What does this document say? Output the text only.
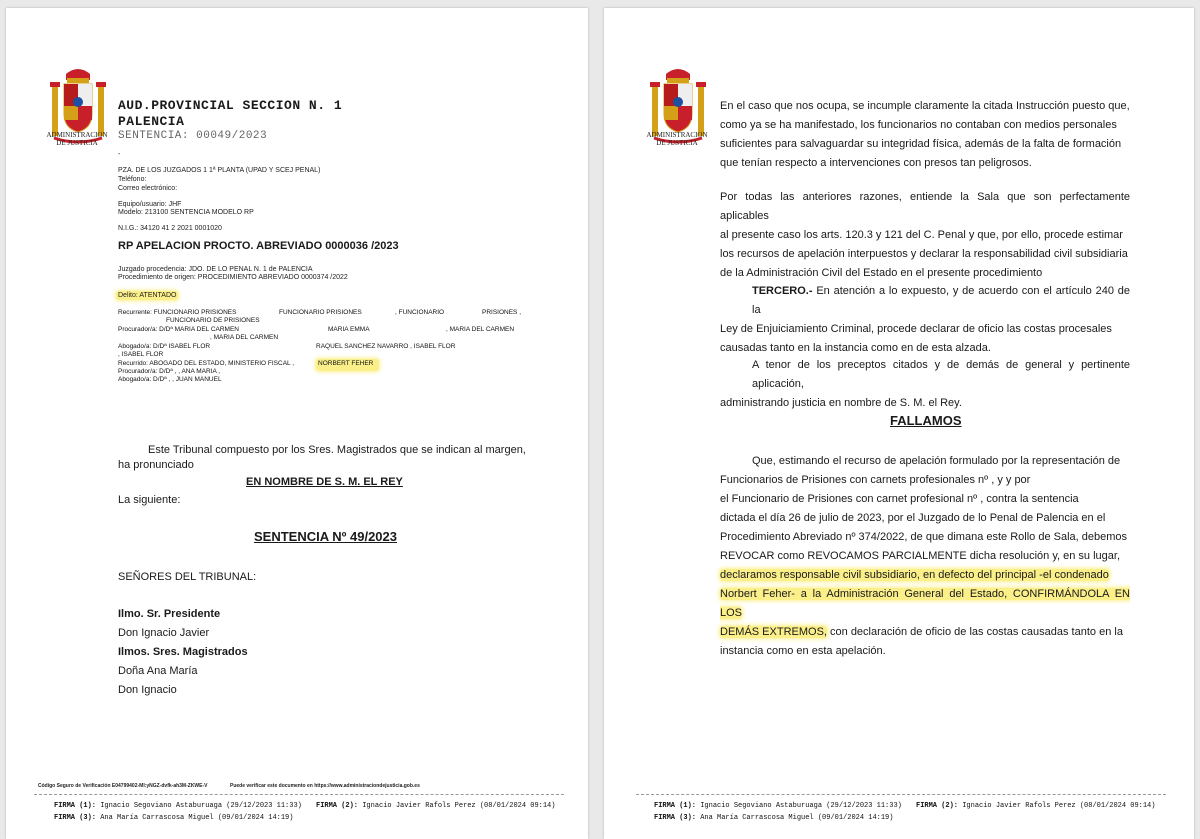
ADMINISTRACION
DE JUSTICIA
AUD.PROVINCIAL SECCION N. 1
PALENCIA
SENTENCIA: 00049/2023
-
PZA. DE LOS JUZGADOS 1 1ª PLANTA (UPAD Y SCEJ PENAL)
Teléfono:
Correo electrónico:
Equipo/usuario: JHF
Modelo: 213100 SENTENCIA MODELO RP
N.I.G.: 34120 41 2 2021 0001020
RP APELACION PROCTO. ABREVIADO 0000036 /2023
Juzgado procedencia: JDO. DE LO PENAL N. 1 de PALENCIA
Procedimiento de origen: PROCEDIMIENTO ABREVIADO 0000374 /2022
Delito: ATENTADO
Recurrente: FUNCIONARIO PRISIONES	FUNCIONARIO PRISIONES	, FUNCIONARIO	PRISIONES ,
FUNCIONARIO DE PRISIONES
Procurador/a: D/Dª MARIA DEL CARMEN	MARIA EMMA	, MARIA DEL CARMEN
, MARIA DEL CARMEN
Abogado/a: D/Dª ISABEL FLOR	RAQUEL SANCHEZ NAVARRO , ISABEL FLOR
, ISABEL FLOR
Recurrido: ABOGADO DEL ESTADO, MINISTERIO FISCAL ,	NORBERT FEHER
Procurador/a: D/Dª , , ANA MARIA ,
Abogado/a: D/Dª , , JUAN MANUEL
Este Tribunal compuesto por los Sres. Magistrados que se indican al margen,
ha pronunciado
EN NOMBRE DE S. M. EL REY
La siguiente:
SENTENCIA Nº 49/2023
SEÑORES DEL TRIBUNAL:
Ilmo. Sr. Presidente
Don Ignacio Javier
Ilmos. Sres. Magistrados
Doña Ana María
Don Ignacio
Código Seguro de Verificación E04799402-MI:yNGZ-dvfk-ah3M-ZKWE-V	Puede verificar este documento en https://www.administraciondejusticia.gob.es
FIRMA (1): Ignacio Segoviano Astaburuaga (29/12/2023 11:33) FIRMA (2): Ignacio Javier Rafols Perez (08/01/2024 09:14)
FIRMA (3): Ana María Carrascosa Miguel (09/01/2024 14:19)
ADMINISTRACION
DE JUSTICIA

En el caso que nos ocupa, se incumple claramente la citada Instrucción puesto que,

como ya se ha manifestado, los funcionarios no contaban con medios personales

suficientes para salvaguardar su integridad física, además de la falta de formación

que tenían respecto a intervenciones con presos tan peligrosos.

Por todas las anteriores razones, entiende la Sala que son perfectamente aplicables

al presente caso los arts. 120.3 y 121 del C. Penal y que, por ello, procede estimar

los recursos de apelación interpuestos y declarar la responsabilidad civil subsidiaria

de la Administración Civil del Estado en el presente procedimiento

TERCERO.- En atención a lo expuesto, y de acuerdo con el artículo 240 de la

Ley de Enjuiciamiento Criminal, procede declarar de oficio las costas procesales

causadas tanto en la instancia como en de esta alzada.

A tenor de los preceptos citados y de demás de general y pertinente aplicación,

administrando justicia en nombre de S. M. el Rey.

FALLAMOS

Que, estimando el recurso de apelación formulado por la representación de

Funcionarios de Prisiones con carnets profesionales nº , y y por

el Funcionario de Prisiones con carnet profesional nº , contra la sentencia

dictada el día 26 de julio de 2023, por el Juzgado de lo Penal de Palencia en el

Procedimiento Abreviado nº 374/2022, de que dimana este Rollo de Sala, debemos

REVOCAR como REVOCAMOS PARCIALMENTE dicha resolución y, en su lugar,

declaramos responsable civil subsidiario, en defecto del principal -el condenado

Norbert Feher- a la Administración General del Estado, CONFIRMÁNDOLA EN LOS

DEMÁS EXTREMOS, con declaración de oficio de las costas causadas tanto en la

instancia como en esta apelación.

FIRMA (1): Ignacio Segoviano Astaburuaga (29/12/2023 11:33) FIRMA (2): Ignacio Javier Rafols Perez (08/01/2024 09:14)
FIRMA (3): Ana María Carrascosa Miguel (09/01/2024 14:19)
